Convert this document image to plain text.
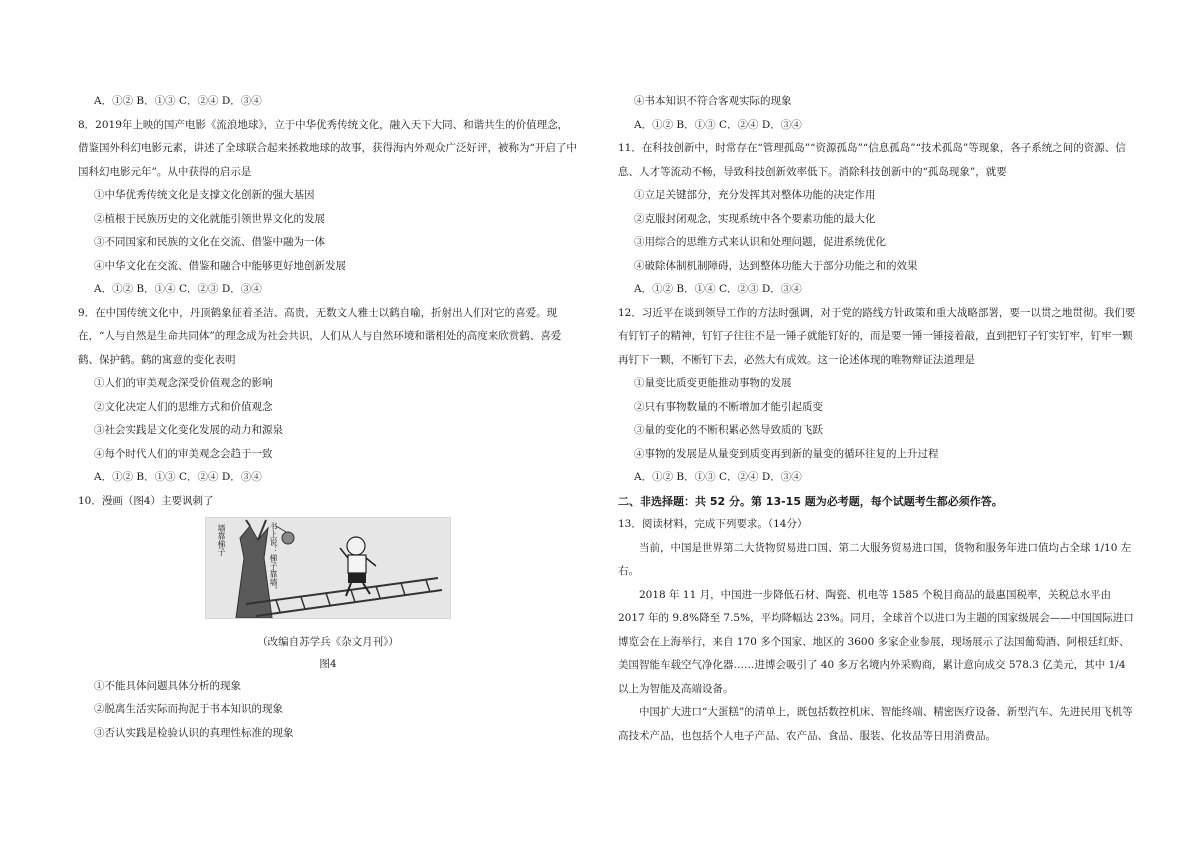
A．①② B．①③ C．②④ D．③④
8．2019年上映的国产电影《流浪地球》，立于中华优秀传统文化，融入天下大同、和谐共生的价值理念，借鉴国外科幻电影元素，讲述了全球联合起来拯救地球的故事，获得海内外观众广泛好评，被称为“开启了中国科幻电影元年”。从中获得的启示是
①中华优秀传统文化是支撑文化创新的强大基因
②植根于民族历史的文化就能引领世界文化的发展
③不同国家和民族的文化在交流、借鉴中融为一体
④中华文化在交流、借鉴和融合中能够更好地创新发展
A．①② B．①④ C．②③ D．③④
9．在中国传统文化中，丹顶鹤象征着圣洁、高贵，无数文人雅士以鹤自喻，折射出人们对它的喜爱。现在，“人与自然是生命共同体”的理念成为社会共识，人们从人与自然环境和谐相处的高度来欣赏鹤、喜爱鹤、保护鹤。鹤的寓意的变化表明
①人们的审美观念深受价值观念的影响
②文化决定人们的思维方式和价值观念
③社会实践是文化变化发展的动力和源泉
④每个时代人们的审美观念会趋于一致
A．①② B．①③ C．②④ D．③④
10．漫画（图4）主要讽刺了
墙靠梯子	书上说：梯子靠墙，
（改编自苏学兵《杂文月刊》）
图4
①不能具体问题具体分析的现象
②脱离生活实际而拘泥于书本知识的现象
③否认实践是检验认识的真理性标准的现象
④书本知识不符合客观实际的现象
A．①② B．①③ C．②④ D．③④
11．在科技创新中，时常存在“管理孤岛”“资源孤岛”“信息孤岛”“技术孤岛”等现象，各子系统之间的资源、信息、人才等流动不畅，导致科技创新效率低下。消除科技创新中的“孤岛现象”，就要
①立足关键部分，充分发挥其对整体功能的决定作用
②克服封闭观念，实现系统中各个要素功能的最大化
③用综合的思维方式来认识和处理问题，促进系统优化
④破除体制机制障碍，达到整体功能大于部分功能之和的效果
A．①② B．①④ C．②③ D．③④
12．习近平在谈到领导工作的方法时强调，对于党的路线方针政策和重大战略部署，要一以贯之地贯彻。我们要有钉钉子的精神，钉钉子往往不是一锤子就能钉好的，而是要一锤一锤接着敲，直到把钉子钉实钉牢，钉牢一颗再钉下一颗，不断钉下去，必然大有成效。这一论述体现的唯物辩证法道理是
①量变比质变更能推动事物的发展
②只有事物数量的不断增加才能引起质变
③量的变化的不断积累必然导致质的飞跃
④事物的发展是从量变到质变再到新的量变的循环往复的上升过程
A．①② B．①③ C．②④ D．③④
二、非选择题：共 52 分。第 13-15 题为必考题，每个试题考生都必须作答。
13．阅读材料，完成下列要求。（14分）
当前，中国是世界第二大货物贸易进口国、第二大服务贸易进口国，货物和服务年进口值均占全球 1/10 左右。
2018 年 11 月，中国进一步降低石材、陶瓷、机电等 1585 个税目商品的最惠国税率，关税总水平由 2017 年的 9.8%降至 7.5%，平均降幅达 23%。同月，全球首个以进口为主题的国家级展会——中国国际进口博览会在上海举行，来自 170 多个国家、地区的 3600 多家企业参展，现场展示了法国葡萄酒、阿根廷红虾、美国智能车载空气净化器……进博会吸引了 40 多万名境内外采购商，累计意向成交 578.3 亿美元，其中 1/4 以上为智能及高端设备。
中国扩大进口“大蛋糕”的清单上，既包括数控机床、智能终端、精密医疗设备、新型汽车、先进民用飞机等高技术产品，也包括个人电子产品、农产品、食品、服装、化妆品等日用消费品。
